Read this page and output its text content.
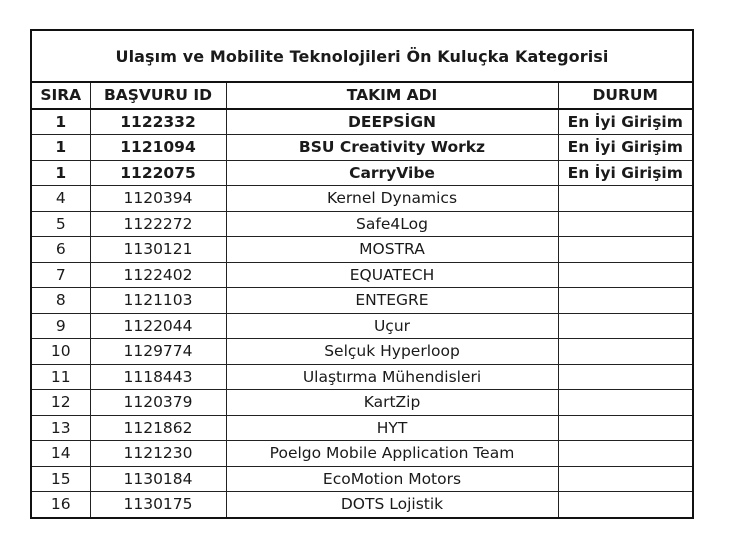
Ulaşım ve Mobilite Teknolojileri Ön Kuluçka Kategorisi
SIRA	BAŞVURU ID	TAKIM ADI	DURUM
1	1122332	DEEPSİGN	En İyi Girişim
1	1121094	BSU Creativity Workz	En İyi Girişim
1	1122075	CarryVibe	En İyi Girişim
4	1120394	Kernel Dynamics	
5	1122272	Safe4Log	
6	1130121	MOSTRA	
7	1122402	EQUATECH	
8	1121103	ENTEGRE	
9	1122044	Uçur	
10	1129774	Selçuk Hyperloop	
11	1118443	Ulaştırma Mühendisleri	
12	1120379	KartZip	
13	1121862	HYT	
14	1121230	Poelgo Mobile Application Team	
15	1130184	EcoMotion Motors	
16	1130175	DOTS Lojistik	
